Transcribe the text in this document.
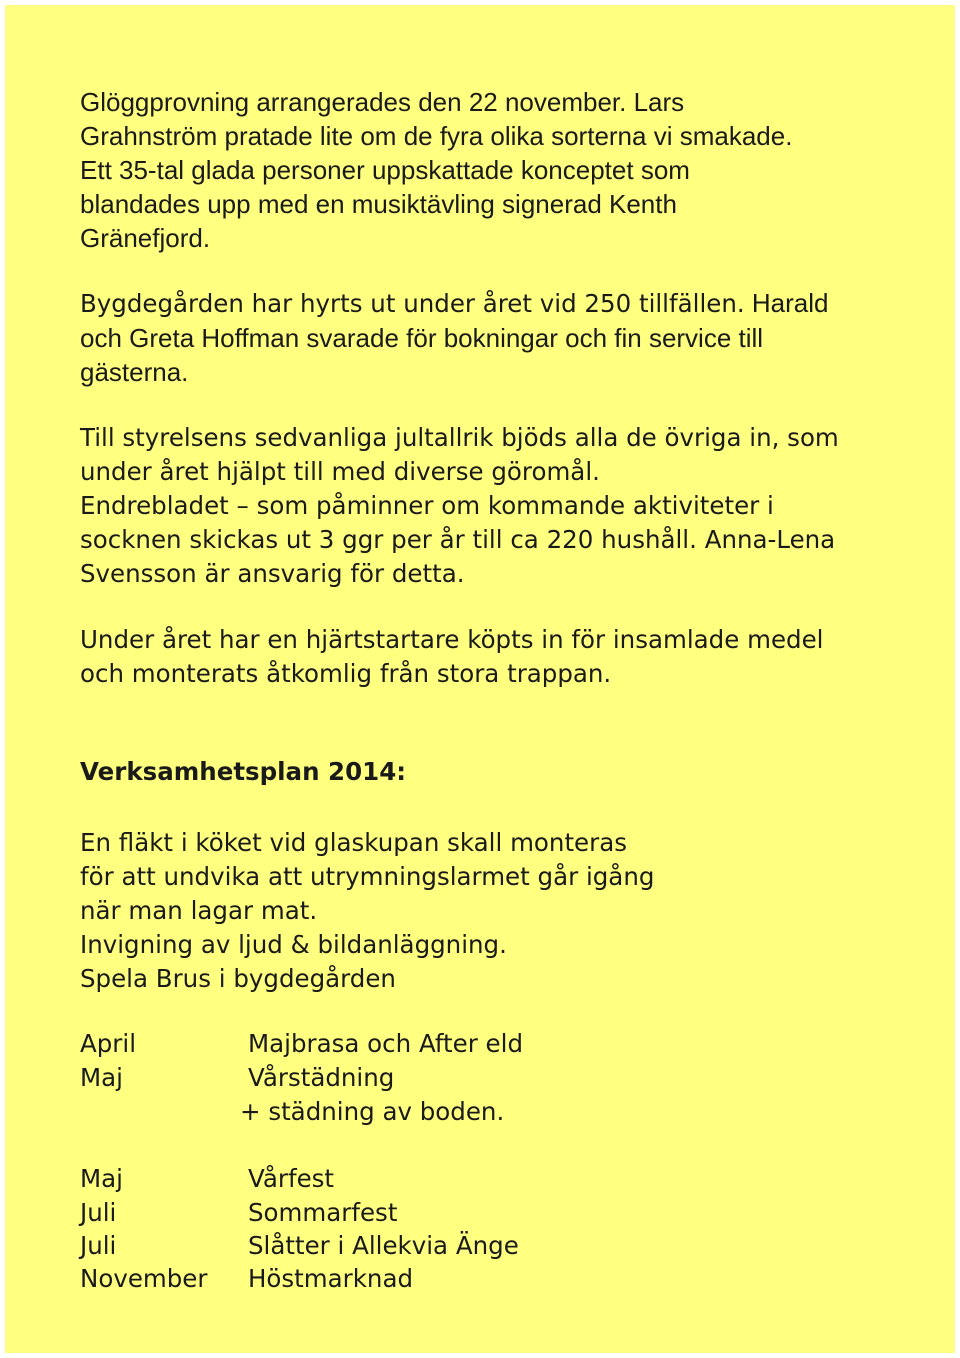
Glöggprovning arrangerades den 22 november. Lars
Grahnström pratade lite om de fyra olika sorterna vi smakade.
Ett 35-tal glada personer uppskattade konceptet som
blandades upp med en musiktävling signerad Kenth
Gränefjord.

Bygdegården har hyrts ut under året vid 250 tillfällen. Harald
och Greta Hoffman svarade för bokningar och fin service till
gästerna.

Till styrelsens sedvanliga jultallrik bjöds alla de övriga in, som
under året hjälpt till med diverse göromål.
Endrebladet – som påminner om kommande aktiviteter i
socknen skickas ut 3 ggr per år till ca 220 hushåll. Anna-Lena
Svensson är ansvarig för detta.

Under året har en hjärtstartare köpts in för insamlade medel
och monterats åtkomlig från stora trappan.

Verksamhetsplan 2014:

En fläkt i köket vid glaskupan skall monteras
för att undvika att utrymningslarmet går igång
när man lagar mat.
Invigning av ljud & bildanläggning.
Spela Brus i bygdegården

April	Majbrasa och After eld
Maj	Vårstädning
+ städning av boden.
Maj	Vårfest
Juli	Sommarfest
Juli	Slåtter i Allekvia Änge
November Höstmarknad
